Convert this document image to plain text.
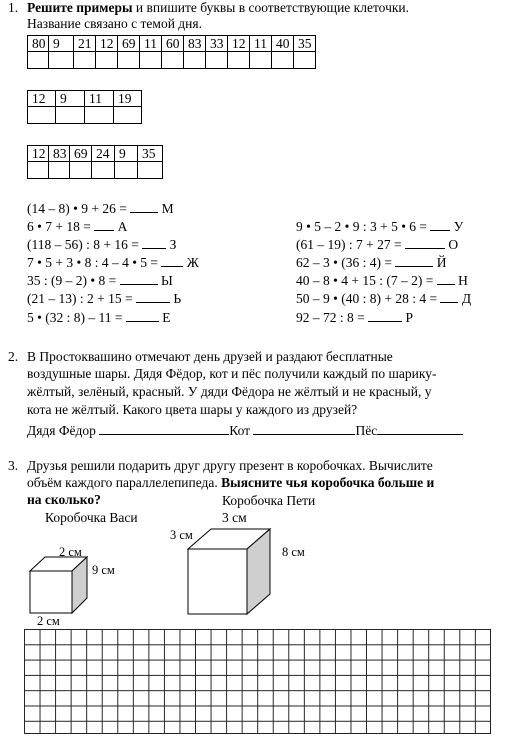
1. Решите примеры и впишите буквы в соответствующие клеточки.
Название связано с темой дня.
80	9	21	12	69	11	60	83	33	12	11	40	35

12	9	11	19

12	83	69	24	9	35

(14 – 8) • 9 + 26 =  М
6 • 7 + 18 =  А
(118 – 56) : 8 + 16 =  З
7 • 5 + 3 • 8 : 4 – 4 • 5 =  Ж
35 : (9 – 2) • 8 =	Ы
(21 – 13) : 2 + 15 =	Ь
5 • (32 : 8) – 11 =  Е
9 • 5 – 2 • 9 : 3 + 5 • 6 =  У
(61 – 19) : 7 + 27 =	О
62 – 3 • (36 : 4) =	Й
40 – 8 • 4 + 15 : (7 – 2) =  Н
50 – 9 • (40 : 8) + 28 : 4 =  Д
92 – 72 : 8 =	Р
2. В Простоквашино отмечают день друзей и раздают бесплатные
воздушные шары. Дядя Фёдор, кот и пёс получили каждый по шарику-
жёлтый, зелёный, красный. У дяди Фёдора не жёлтый и не красный, у
кота не жёлтый. Какого цвета шары у каждого из друзей?
Дядя Фёдор	Кот	Пёс
3. Друзья решили подарить друг другу презент в коробочках. Вычислите
объём каждого параллелепипеда. Выясните чья коробочка больше и
на сколько?	Коробочка Пети
Коробочка Васи	3 см
2 см
9 см
2 см
3 см
8 см
